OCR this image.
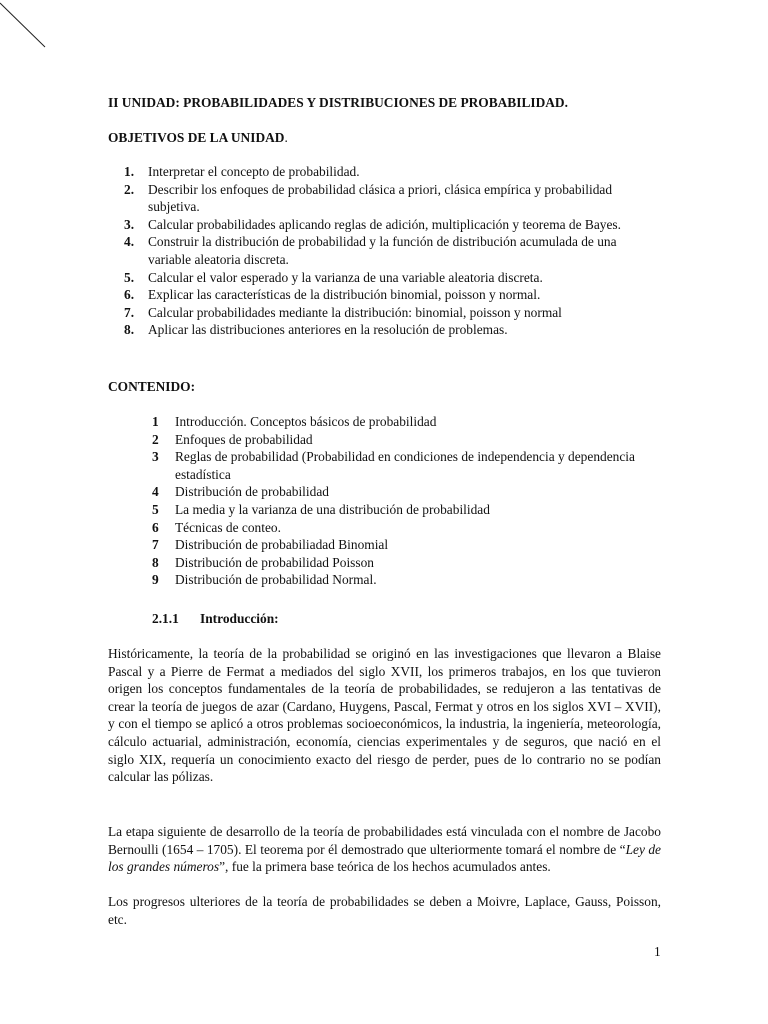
II UNIDAD: PROBABILIDADES Y DISTRIBUCIONES DE PROBABILIDAD.
OBJETIVOS DE LA UNIDAD.
1. Interpretar el concepto de probabilidad.
2. Describir los enfoques de probabilidad clásica a priori, clásica empírica y probabilidad subjetiva.
3. Calcular probabilidades aplicando reglas de adición, multiplicación y teorema de Bayes.
4. Construir la distribución de probabilidad y la función de distribución acumulada de una variable aleatoria discreta.
5. Calcular el valor esperado y la varianza de una variable aleatoria discreta.
6. Explicar las características de la distribución binomial, poisson y normal.
7. Calcular probabilidades mediante la distribución: binomial, poisson y normal
8. Aplicar las distribuciones anteriores en la resolución de problemas.
CONTENIDO:
1 Introducción. Conceptos básicos de probabilidad
2 Enfoques de probabilidad
3 Reglas de probabilidad (Probabilidad en condiciones de independencia y dependencia estadística
4 Distribución de probabilidad
5 La media y la varianza de una distribución de probabilidad
6 Técnicas de conteo.
7 Distribución de probabiliadad Binomial
8 Distribución de probabilidad Poisson
9 Distribución de probabilidad Normal.
2.1.1 Introducción:

Históricamente, la teoría de la probabilidad se originó en las investigaciones que llevaron a Blaise Pascal y a Pierre de Fermat a mediados del siglo XVII, los primeros trabajos, en los que tuvieron origen los conceptos fundamentales de la teoría de probabilidades, se redujeron a las tentativas de crear la teoría de juegos de azar (Cardano, Huygens, Pascal, Fermat y otros en los siglos XVI – XVII), y con el tiempo se aplicó a otros problemas socioeconómicos, la industria, la ingeniería, meteorología, cálculo actuarial, administración, economía, ciencias experimentales y de seguros, que nació en el siglo XIX, requería un conocimiento exacto del riesgo de perder, pues de lo contrario no se podían calcular las pólizas.

La etapa siguiente de desarrollo de la teoría de probabilidades está vinculada con el nombre de Jacobo Bernoulli (1654 – 1705). El teorema por él demostrado que ulteriormente tomará el nombre de “Ley de los grandes números”, fue la primera base teórica de los hechos acumulados antes.

Los progresos ulteriores de la teoría de probabilidades se deben a Moivre, Laplace, Gauss, Poisson, etc.

1
